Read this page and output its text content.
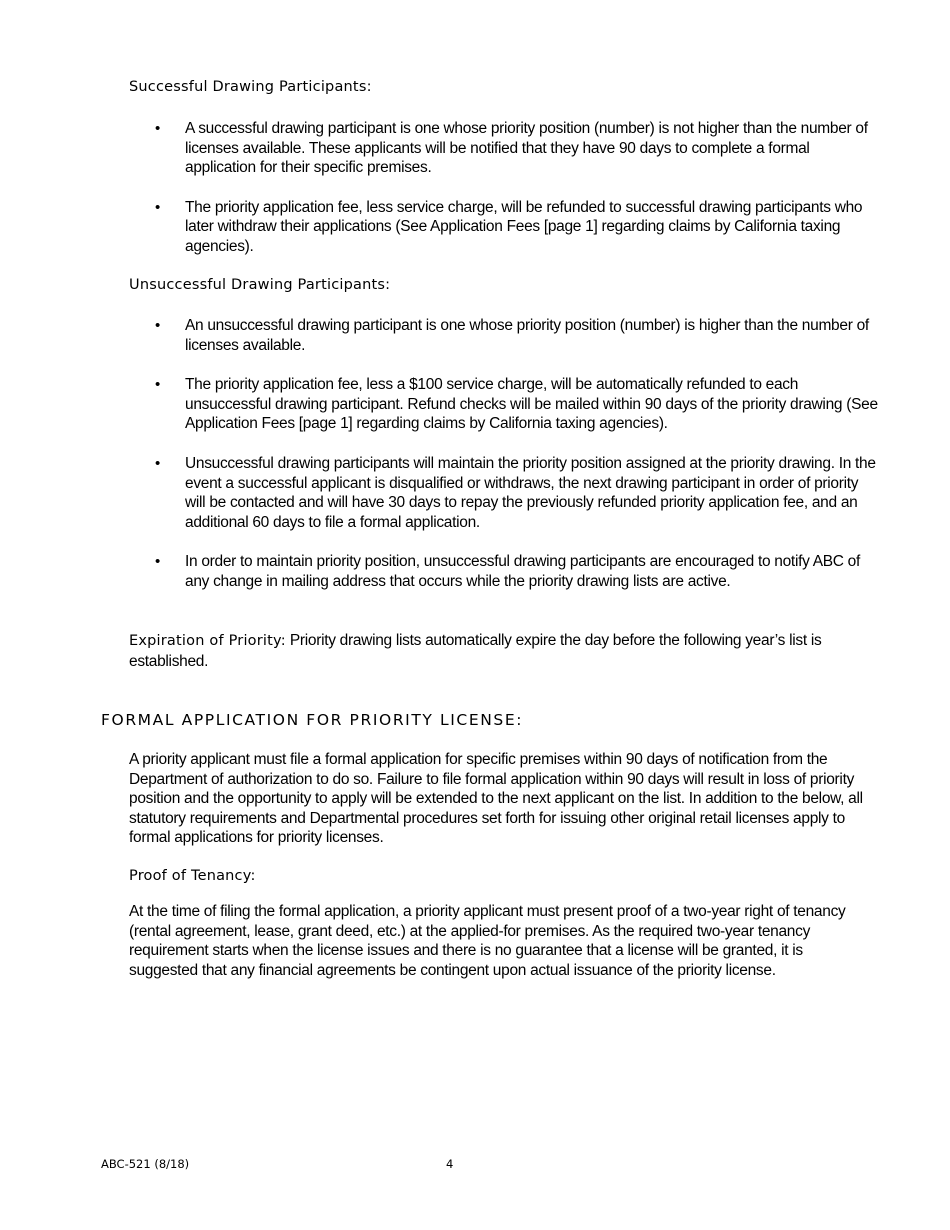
Successful Drawing Participants:
•	A successful drawing participant is one whose priority position (number) is not higher than the number of licenses available. These applicants will be notified that they have 90 days to complete a formal application for their specific premises.
•	The priority application fee, less service charge, will be refunded to successful drawing participants who later withdraw their applications (See Application Fees [page 1] regarding claims by California taxing agencies).
Unsuccessful Drawing Participants:
•	An unsuccessful drawing participant is one whose priority position (number) is higher than the number of licenses available.
•	The priority application fee, less a $100 service charge, will be automatically refunded to each unsuccessful drawing participant. Refund checks will be mailed within 90 days of the priority drawing (See Application Fees [page 1] regarding claims by California taxing agencies).
•	Unsuccessful drawing participants will maintain the priority position assigned at the priority drawing. In the event a successful applicant is disqualified or withdraws, the next drawing participant in order of priority will be contacted and will have 30 days to repay the previously refunded priority application fee, and an additional 60 days to file a formal application.
•	In order to maintain priority position, unsuccessful drawing participants are encouraged to notify ABC of any change in mailing address that occurs while the priority drawing lists are active.

Expiration of Priority: Priority drawing lists automatically expire the day before the following year’s list is established.

FORMAL APPLICATION FOR PRIORITY LICENSE:

A priority applicant must file a formal application for specific premises within 90 days of notification from the Department of authorization to do so. Failure to file formal application within 90 days will result in loss of priority position and the opportunity to apply will be extended to the next applicant on the list. In addition to the below, all statutory requirements and Departmental procedures set forth for issuing other original retail licenses apply to formal applications for priority licenses.

Proof of Tenancy:

At the time of filing the formal application, a priority applicant must present proof of a two-year right of tenancy (rental agreement, lease, grant deed, etc.) at the applied-for premises. As the required two-year tenancy requirement starts when the license issues and there is no guarantee that a license will be granted, it is suggested that any financial agreements be contingent upon actual issuance of the priority license.

ABC-521 (8/18)	4
